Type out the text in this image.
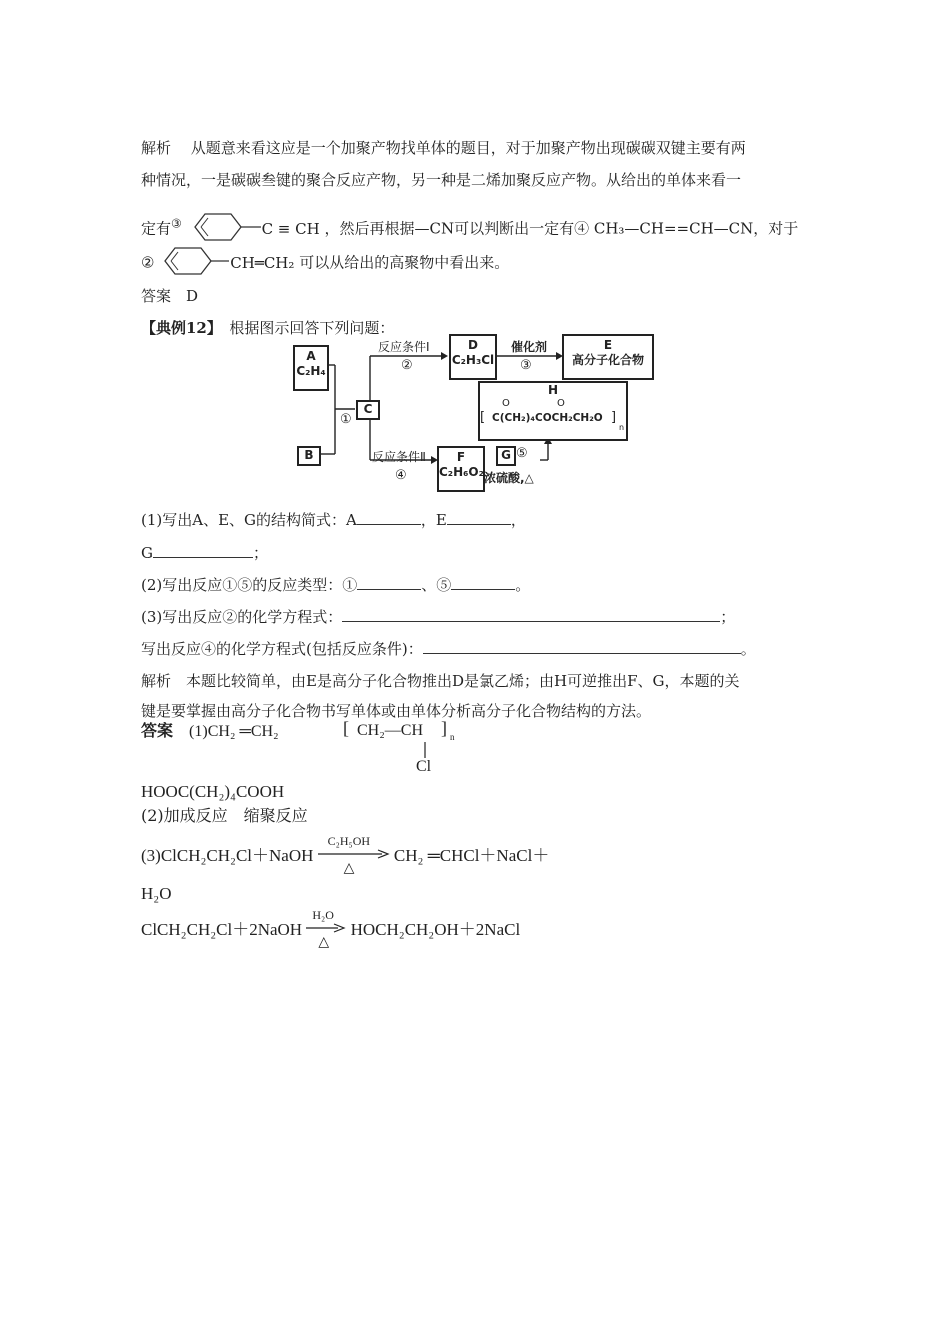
解析　 从题意来看这应是一个加聚产物找单体的题目，对于加聚产物出现碳碳双键主要有两
种情况，一是碳碳叁键的聚合反应产物，另一种是二烯加聚反应产物。从给出的单体来看一
定有③	C ≡ CH ，然后再根据—CN可以判断出一定有④ CH₃—CH==CH—CN，对于
②	CH═CH₂ 可以从给出的高聚物中看出来。
答案　 D
【典例12】　 根据图示回答下列问题：
A
C₂H₄
B
C
D
C₂H₃Cl
E
高分子化合物
F
C₂H₆O₂
G
H
O	O
[ C(CH₂)₄COCH₂CH₂O ]
n
反应条件Ⅰ
②
催化剂
③
①
反应条件Ⅱ
④
⑤
浓硫酸,△
(1)写出A、E、G的结构简式：A	，E	，
G	；
(2)写出反应①⑤的反应类型：①	、⑤	。
(3)写出反应②的化学方程式：	；
写出反应④的化学方程式(包括反应条件)：	。
解析　 本题比较简单，由E是高分子化合物推出D是氯乙烯；由H可逆推出F、G，本题的关
键是要掌握由高分子化合物书写单体或由单体分析高分子化合物结构的方法。
答案　 (1)CH₂ ═CH₂	[ CH₂—CH ] n
Cl
HOOC(CH₂)₄COOH
(2)加成反应　缩聚反应
(3)ClCH₂CH₂Cl＋NaOH
C₂H₅OH
△
CH₂ ═CHCl＋NaCl＋
H₂O
ClCH₂CH₂Cl＋2NaOH
H₂O
△
HOCH₂CH₂OH＋2NaCl
